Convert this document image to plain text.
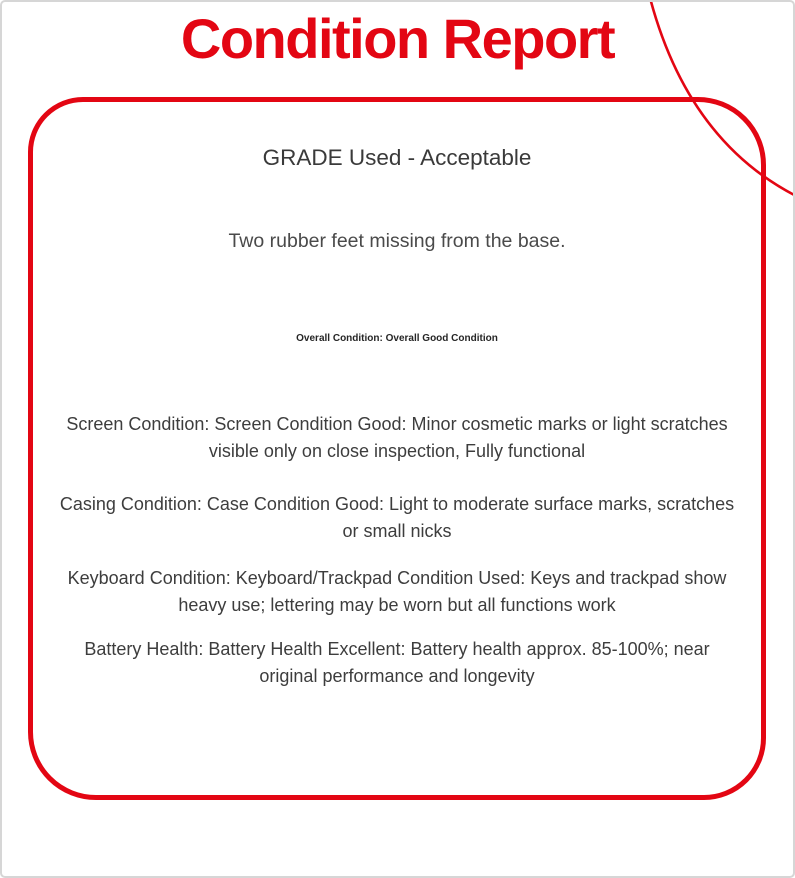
Condition Report
GRADE Used - Acceptable
Two rubber feet missing from the base.
Overall Condition: Overall Good Condition
Screen Condition: Screen Condition Good: Minor cosmetic marks or light scratches visible only on close inspection, Fully functional
Casing Condition: Case Condition Good: Light to moderate surface marks, scratches or small nicks
Keyboard Condition: Keyboard/Trackpad Condition Used: Keys and trackpad show heavy use; lettering may be worn but all functions work
Battery Health: Battery Health Excellent: Battery health approx. 85-100%; near original performance and longevity
